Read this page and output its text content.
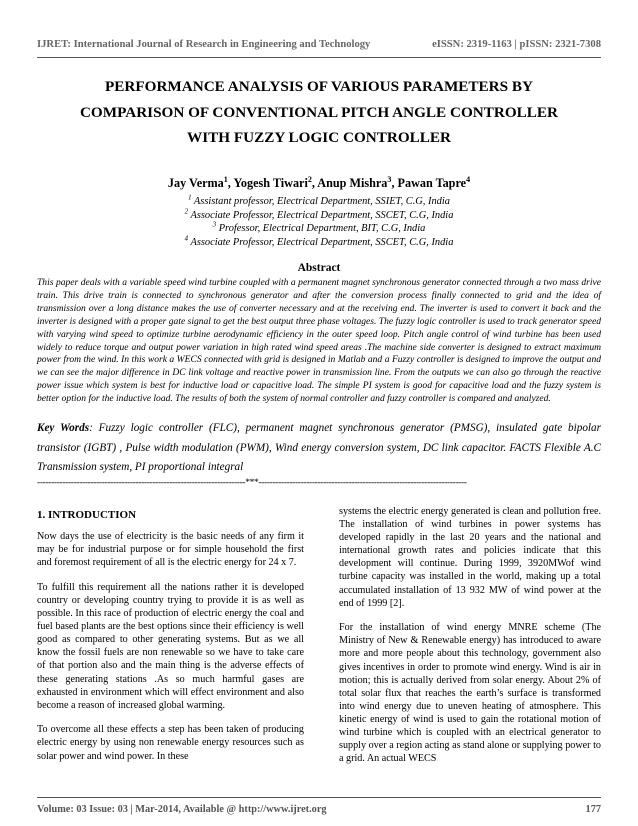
IJRET: International Journal of Research in Engineering and Technology	eISSN: 2319-1163 | pISSN: 2321-7308
PERFORMANCE ANALYSIS OF VARIOUS PARAMETERS BY
COMPARISON OF CONVENTIONAL PITCH ANGLE CONTROLLER
WITH FUZZY LOGIC CONTROLLER
Jay Verma$^1$, Yogesh Tiwari$^2$, Anup Mishra$^3$, Pawan Tapre$^4$
$^1$ Assistant professor, Electrical Department, SSIET, C.G, India
$^2$ Associate Professor, Electrical Department, SSCET, C.G, India
$^3$ Professor, Electrical Department, BIT, C.G, India
$^4$ Associate Professor, Electrical Department, SSCET, C.G, India
Abstract
This paper deals with a variable speed wind turbine coupled with a permanent magnet synchronous generator connected through a two mass drive train. This drive train is connected to synchronous generator and after the conversion process finally connected to grid and the idea of transmission over a long distance makes the use of converter necessary and at the receiving end. The inverter is used to convert it back and the inverter is designed with a proper gate signal to get the best output three phase voltages. The fuzzy logic controller is used to track generator speed with varying wind speed to optimize turbine aerodynamic efficiency in the outer speed loop. Pitch angle control of wind turbine has been used widely to reduce torque and output power variation in high rated wind speed areas .The machine side converter is designed to extract maximum power from the wind. In this work a WECS connected with grid is designed in Matlab and a Fuzzy controller is designed to improve the output and we can see the major difference in DC link voltage and reactive power in transmission line. From the outputs we can also go through the reactive power issue which system is best for inductive load or capacitive load. The simple PI system is good for capacitive load and the fuzzy system is better option for the inductive load. The results of both the system of normal controller and fuzzy controller is compared and analyzed.
Key Words: Fuzzy logic controller (FLC), permanent magnet synchronous generator (PMSG), insulated gate bipolar transistor (IGBT) , Pulse width modulation (PWM), Wind energy conversion system, DC link capacitor. FACTS Flexible A.C Transmission system, PI proportional integral
--------------------------------------------------------------------------***--------------------------------------------------------------------------

1. INTRODUCTION

Now days the use of electricity is the basic needs of any firm it may be for industrial purpose or for simple household the first and foremost requirement of all is the electric energy for 24 x 7.

To fulfill this requirement all the nations rather it is developed country or developing country trying to provide it is as well as possible. In this race of production of electric energy the coal and fuel based plants are the best options since their efficiency is well good as compared to other generating systems. But as we all know the fossil fuels are non renewable so we have to take care of that portion also and the main thing is the adverse effects of these generating stations .As so much harmful gases are exhausted in environment which will effect environment and also become a reason of increased global warming.

To overcome all these effects a step has been taken of producing electric energy by using non renewable energy resources such as solar power and wind power. In these

systems the electric energy generated is clean and pollution free. The installation of wind turbines in power systems has developed rapidly in the last 20 years and the national and international growth rates and policies indicate that this development will continue. During 1999, 3920MWof wind turbine capacity was installed in the world, making up a total accumulated installation of 13 932 MW of wind power at the end of 1999 [2].

For the installation of wind energy MNRE scheme (The Ministry of New & Renewable energy) has introduced to aware more and more people about this technology, government also gives incentives in order to promote wind energy. Wind is air in motion; this is actually derived from solar energy. About 2% of total solar flux that reaches the earth’s surface is transformed into wind energy due to uneven heating of atmosphere. This kinetic energy of wind is used to gain the rotational motion of wind turbine which is coupled with an electrical generator to supply over a region acting as stand alone or supplying power to a grid. An actual WECS

Volume: 03 Issue: 03 | Mar-2014, Available @ http://www.ijret.org	177
